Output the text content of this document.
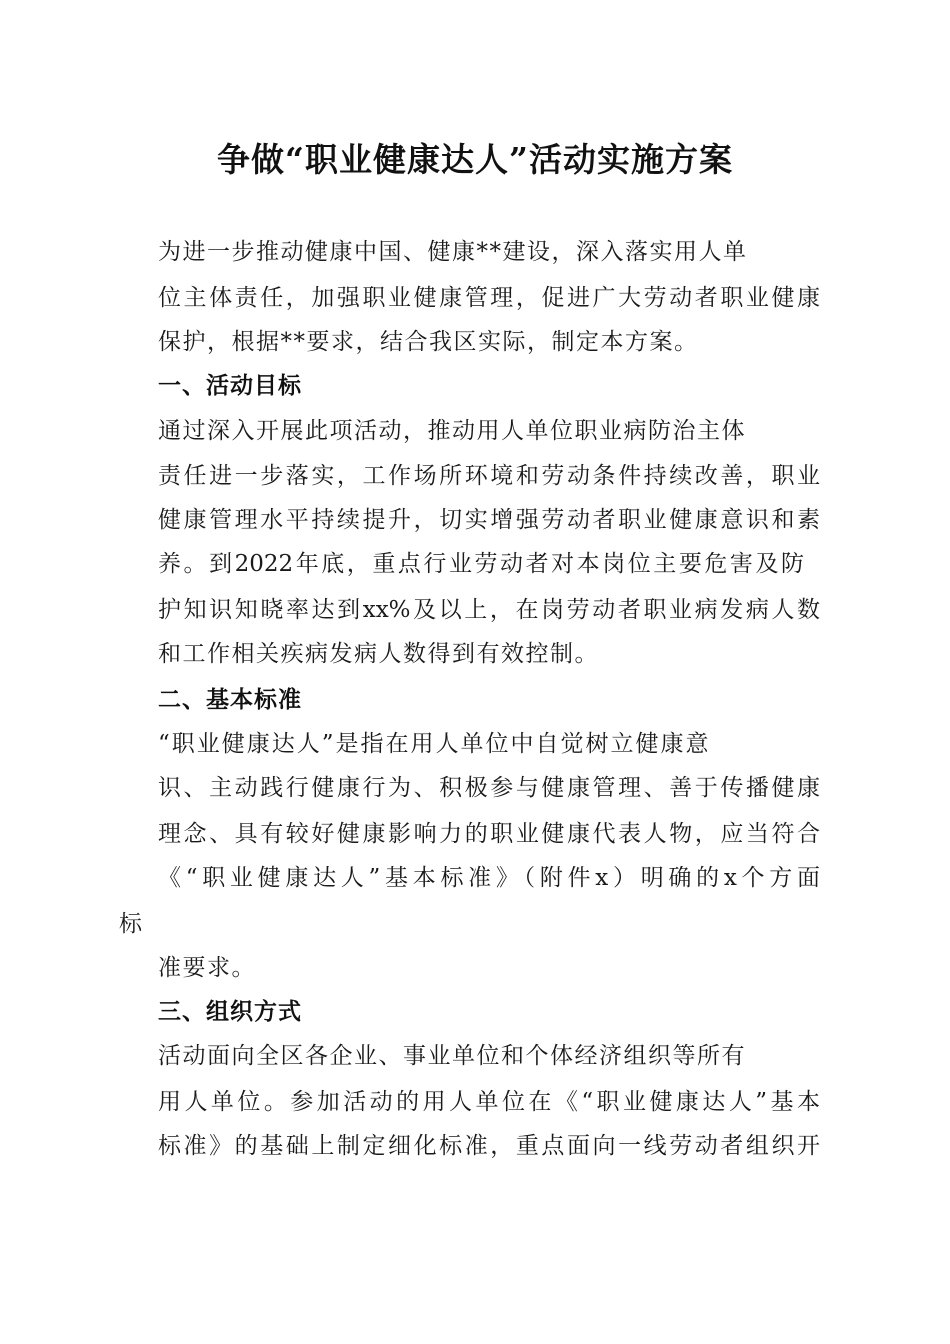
争做“职业健康达人”活动实施方案
为进一步推动健康中国、健康**建设，深入落实用人单
位主体责任，加强职业健康管理，促进广大劳动者职业健康
保护，根据**要求，结合我区实际，制定本方案。
一、活动目标
通过深入开展此项活动，推动用人单位职业病防治主体
责任进一步落实，工作场所环境和劳动条件持续改善，职业
健康管理水平持续提升，切实增强劳动者职业健康意识和素
养。到2022年底，重点行业劳动者对本岗位主要危害及防
护知识知晓率达到xx%及以上，在岗劳动者职业病发病人数
和工作相关疾病发病人数得到有效控制。
二、基本标准
“职业健康达人”是指在用人单位中自觉树立健康意
识、主动践行健康行为、积极参与健康管理、善于传播健康
理念、具有较好健康影响力的职业健康代表人物，应当符合
《“职业健康达人”基本标准》（附件x）明确的x个方面
标
准要求。
三、组织方式
活动面向全区各企业、事业单位和个体经济组织等所有
用人单位。参加活动的用人单位在《“职业健康达人”基本
标准》的基础上制定细化标准，重点面向一线劳动者组织开
